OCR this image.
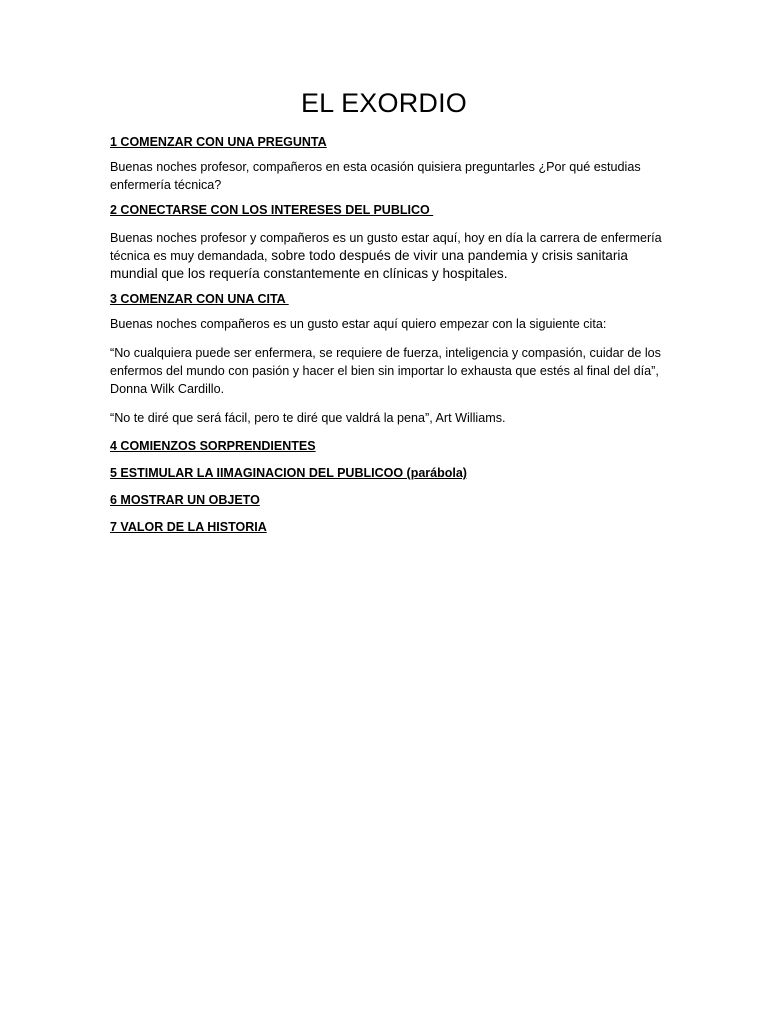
EL EXORDIO
1 COMENZAR CON UNA PREGUNTA

Buenas noches profesor, compañeros en esta ocasión quisiera preguntarles ¿Por qué estudias enfermería técnica?

2 CONECTARSE CON LOS INTERESES DEL PUBLICO

Buenas noches profesor y compañeros es un gusto estar aquí, hoy en día la carrera de enfermería técnica es muy demandada, sobre todo después de vivir una pandemia y crisis sanitaria mundial que los requería constantemente en clínicas y hospitales.

3 COMENZAR CON UNA CITA

Buenas noches compañeros es un gusto estar aquí quiero empezar con la siguiente cita:

“No cualquiera puede ser enfermera, se requiere de fuerza, inteligencia y compasión, cuidar de los enfermos del mundo con pasión y hacer el bien sin importar lo exhausta que estés al final del día”, Donna Wilk Cardillo.

“No te diré que será fácil, pero te diré que valdrá la pena”, Art Williams.

4 COMIENZOS SORPRENDIENTES
5 ESTIMULAR LA IIMAGINACION DEL PUBLICOO (parábola)
6 MOSTRAR UN OBJETO
7 VALOR DE LA HISTORIA
